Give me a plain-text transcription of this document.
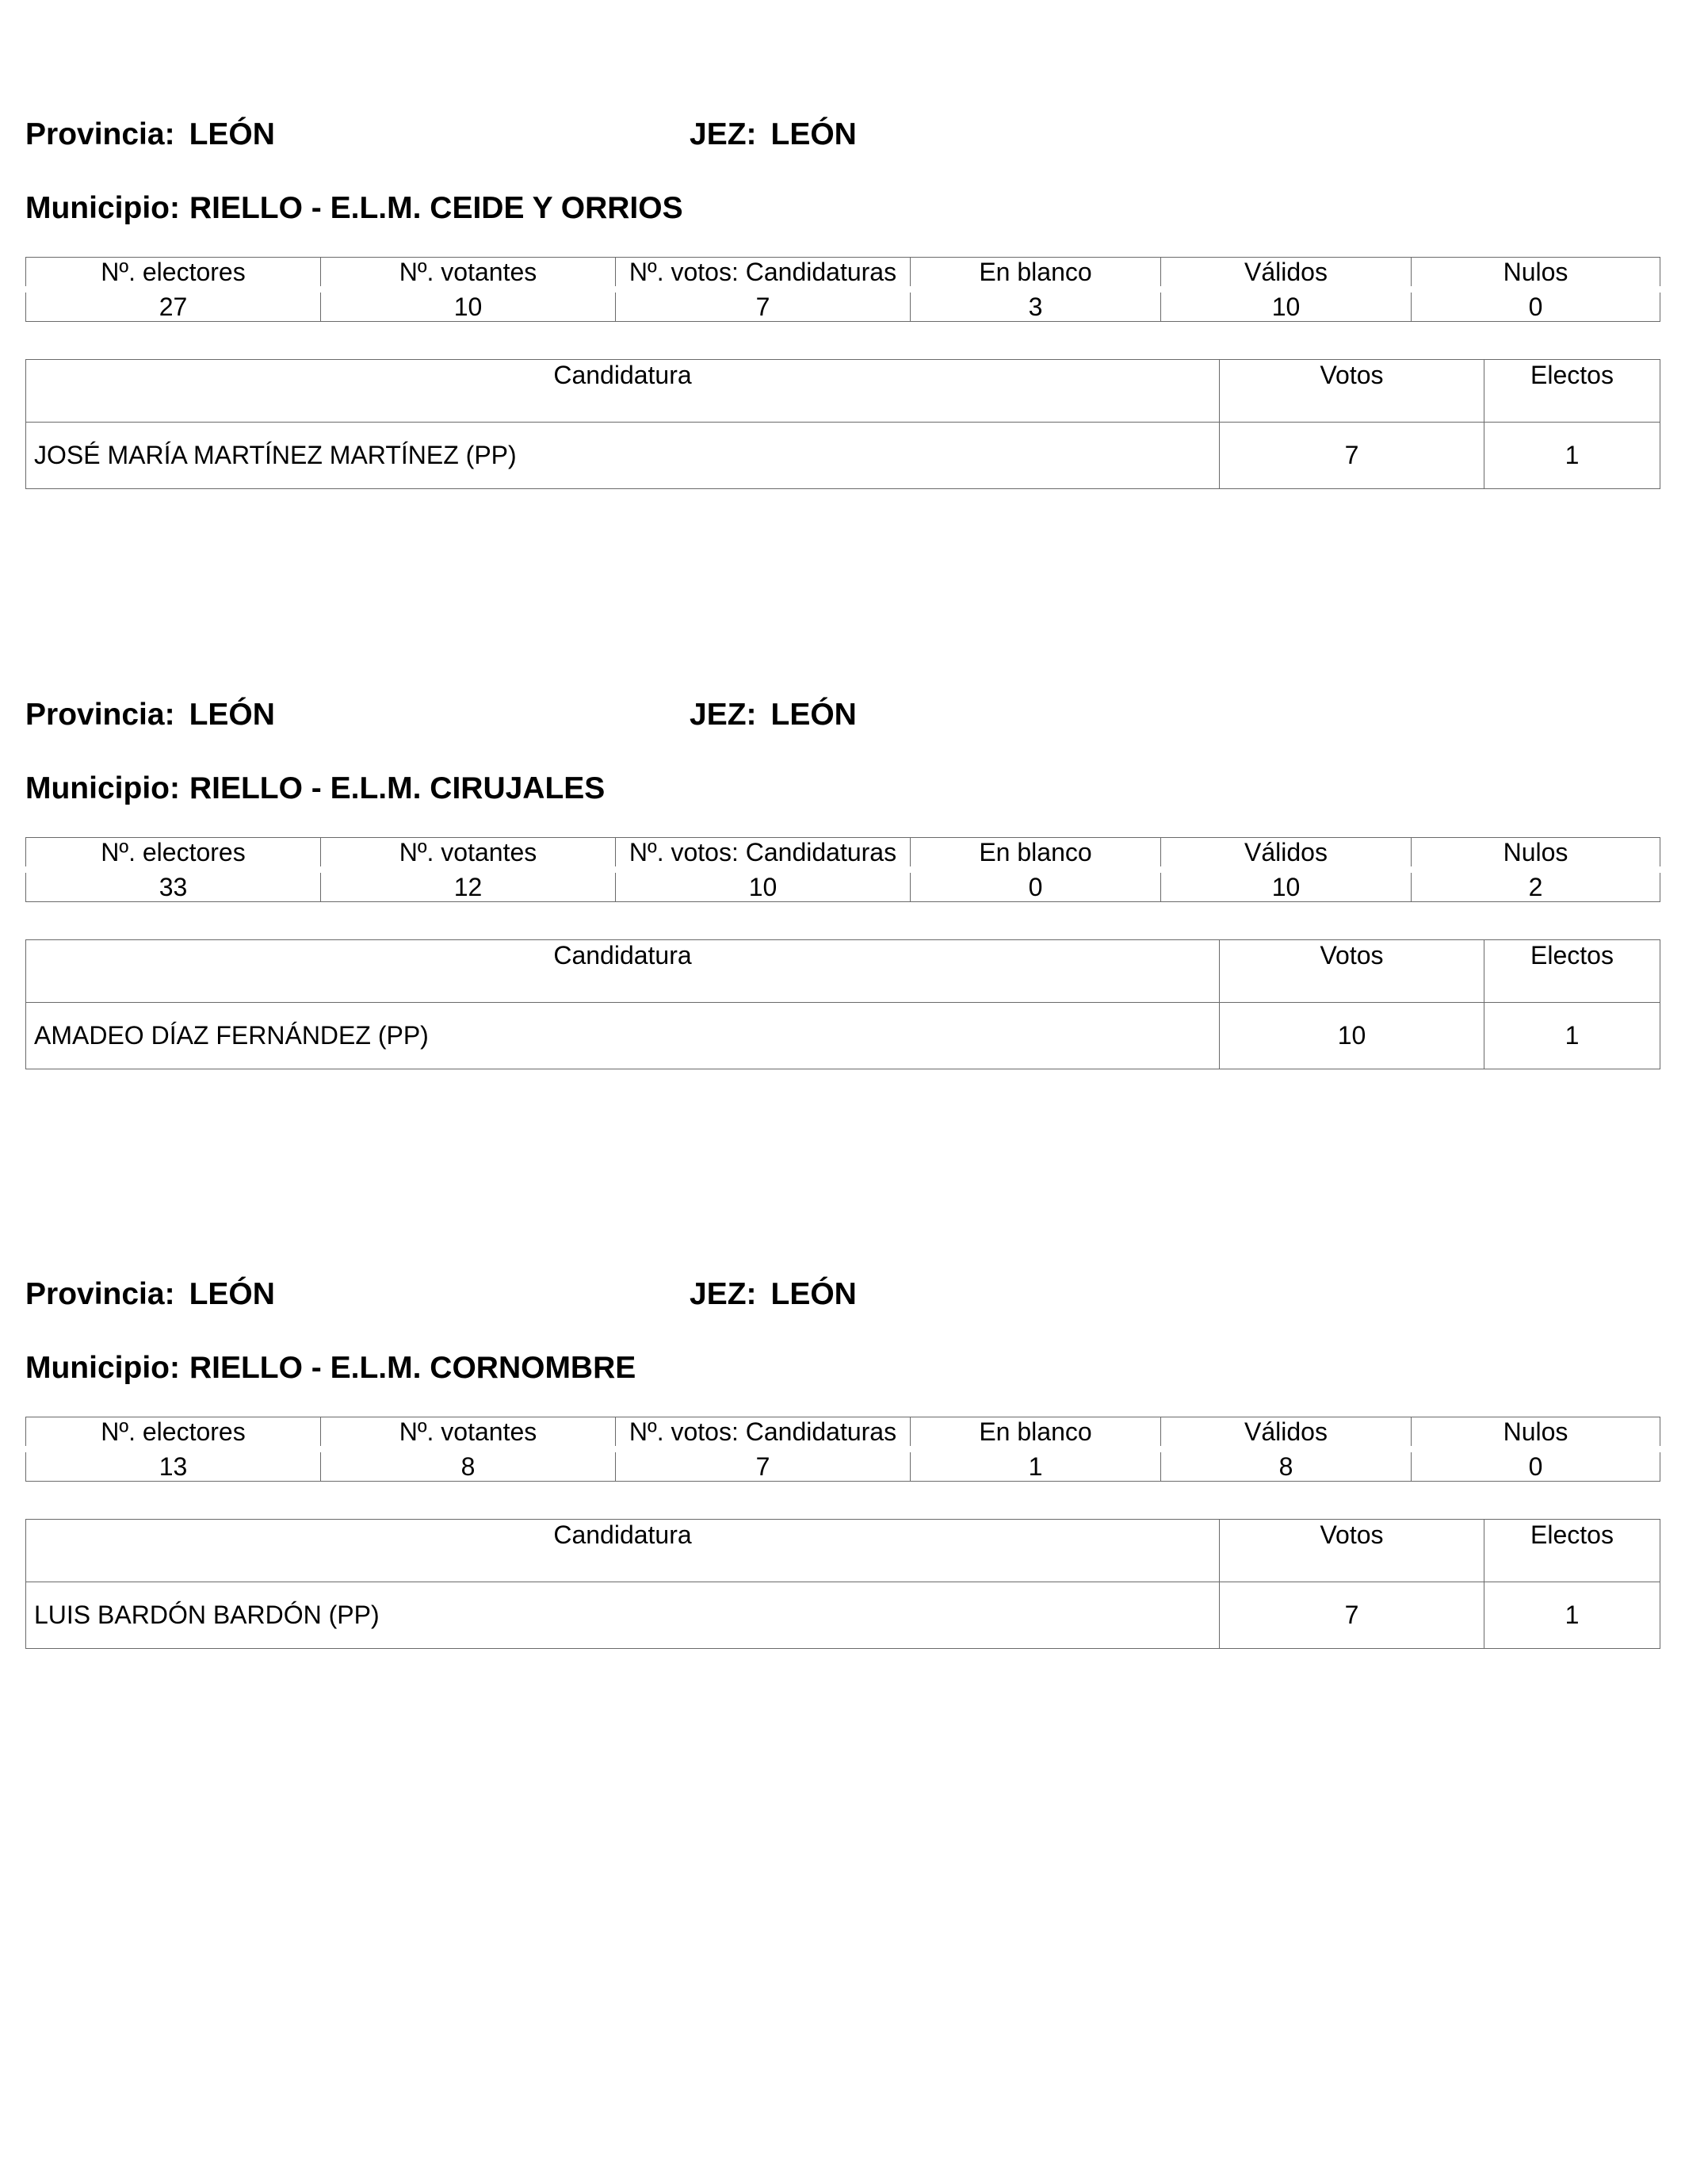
Provincia: LEÓN	JEZ: LEÓN
Municipio: RIELLO - E.L.M. CEIDE Y ORRIOS
Nº. electores	Nº. votantes	Nº. votos: Candidaturas	En blanco	Válidos	Nulos
27	10	7	3	10	0
Candidatura	Votos	Electos
JOSÉ MARÍA MARTÍNEZ MARTÍNEZ (PP)	7	1
Provincia: LEÓN	JEZ: LEÓN
Municipio: RIELLO - E.L.M. CIRUJALES
Nº. electores	Nº. votantes	Nº. votos: Candidaturas	En blanco	Válidos	Nulos
33	12	10	0	10	2
Candidatura	Votos	Electos
AMADEO DÍAZ FERNÁNDEZ (PP)	10	1
Provincia: LEÓN	JEZ: LEÓN
Municipio: RIELLO - E.L.M. CORNOMBRE
Nº. electores	Nº. votantes	Nº. votos: Candidaturas	En blanco	Válidos	Nulos
13	8	7	1	8	0
Candidatura	Votos	Electos
LUIS BARDÓN BARDÓN (PP)	7	1
